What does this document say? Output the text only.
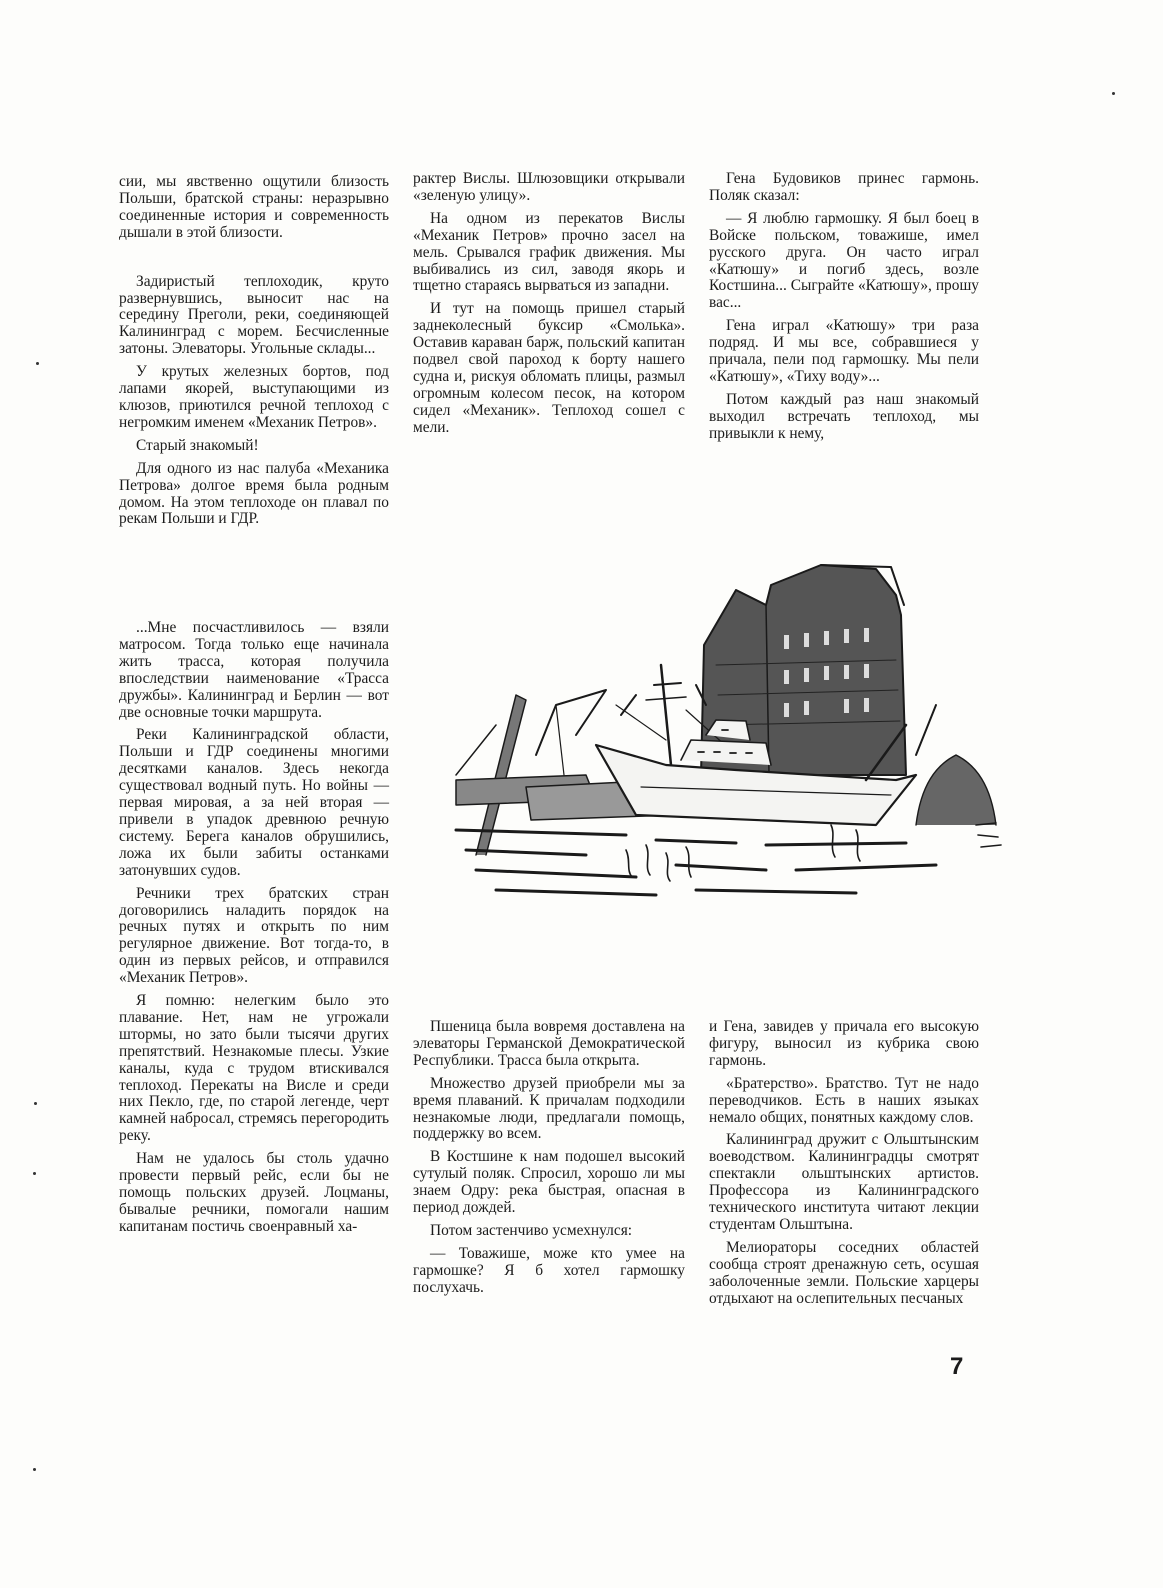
сии, мы явственно ощутили близость Польши, братской страны: неразрывно соединенные история и современность дышали в этой близости.

Задиристый теплоходик, круто развернувшись, выносит нас на середину Преголи, реки, соединяющей Калининград с морем. Бесчисленные затоны. Элеваторы. Угольные склады...

У крутых железных бортов, под лапами якорей, выступающими из клюзов, приютился речной теплоход с негромким именем «Механик Петров».

Старый знакомый!

Для одного из нас палуба «Механика Петрова» долгое время была родным домом. На этом теплоходе он плавал по рекам Польши и ГДР.

рактер Вислы. Шлюзовщики открывали «зеленую улицу».

На одном из перекатов Вислы «Механик Петров» прочно засел на мель. Срывался график движения. Мы выбивались из сил, заводя якорь и тщетно стараясь вырваться из западни.

И тут на помощь пришел старый заднеколесный буксир «Смолька». Оставив караван барж, польский капитан подвел свой пароход к борту нашего судна и, рискуя обломать плицы, размыл огромным колесом песок, на котором сидел «Механик». Теплоход сошел с мели.

Гена Будовиков принес гармонь. Поляк сказал:

— Я люблю гармошку. Я был боец в Войске польском, товажише, имел русского друга. Он часто играл «Катюшу» и погиб здесь, возле Костшина... Сыграйте «Катюшу», прошу вас...

Гена играл «Катюшу» три раза подряд. И мы все, собравшиеся у причала, пели под гармошку. Мы пели «Катюшу», «Тиху воду»...

Потом каждый раз наш знакомый выходил встречать теплоход, мы привыкли к нему,

...Мне посчастливилось — взяли матросом. Тогда только еще начинала жить трасса, которая получила впоследствии наименование «Трасса дружбы». Калининград и Берлин — вот две основные точки маршрута.

Реки Калининградской области, Польши и ГДР соединены многими десятками каналов. Здесь некогда существовал водный путь. Но войны — первая мировая, а за ней вторая — привели в упадок древнюю речную систему. Берега каналов обрушились, ложа их были забиты останками затонувших судов.

Речники трех братских стран договорились наладить порядок на речных путях и открыть по ним регулярное движение. Вот тогда-то, в один из первых рейсов, и отправился «Механик Петров».

Я помню: нелегким было это плавание. Нет, нам не угрожали штормы, но зато были тысячи других препятствий. Незнакомые плесы. Узкие каналы, куда с трудом втискивался теплоход. Перекаты на Висле и среди них Пекло, где, по старой легенде, черт камней набросал, стремясь перегородить реку.

Нам не удалось бы столь удачно провести первый рейс, если бы не помощь польских друзей. Лоцманы, бывалые речники, помогали нашим капитанам постичь своенравный ха-

Пшеница была вовремя доставлена на элеваторы Германской Демократической Республики. Трасса была открыта.

Множество друзей приобрели мы за время плаваний. К причалам подходили незнакомые люди, предлагали помощь, поддержку во всем.

В Костшине к нам подошел высокий сутулый поляк. Спросил, хорошо ли мы знаем Одру: река быстрая, опасная в период дождей.

Потом застенчиво усмехнулся:

— Товажише, може кто умее на гармошке? Я б хотел гармошку послухачь.

и Гена, завидев у причала его высокую фигуру, выносил из кубрика свою гармонь.

«Братерство». Братство. Тут не надо переводчиков. Есть в наших языках немало общих, понятных каждому слов.

Калининград дружит с Ольштынским воеводством. Калининградцы смотрят спектакли ольштынских артистов. Профессора из Калининградского технического института читают лекции студентам Ольштына.

Мелиораторы соседних областей сообща строят дренажную сеть, осушая заболоченные земли. Польские харцеры отдыхают на ослепительных песчаных

7
